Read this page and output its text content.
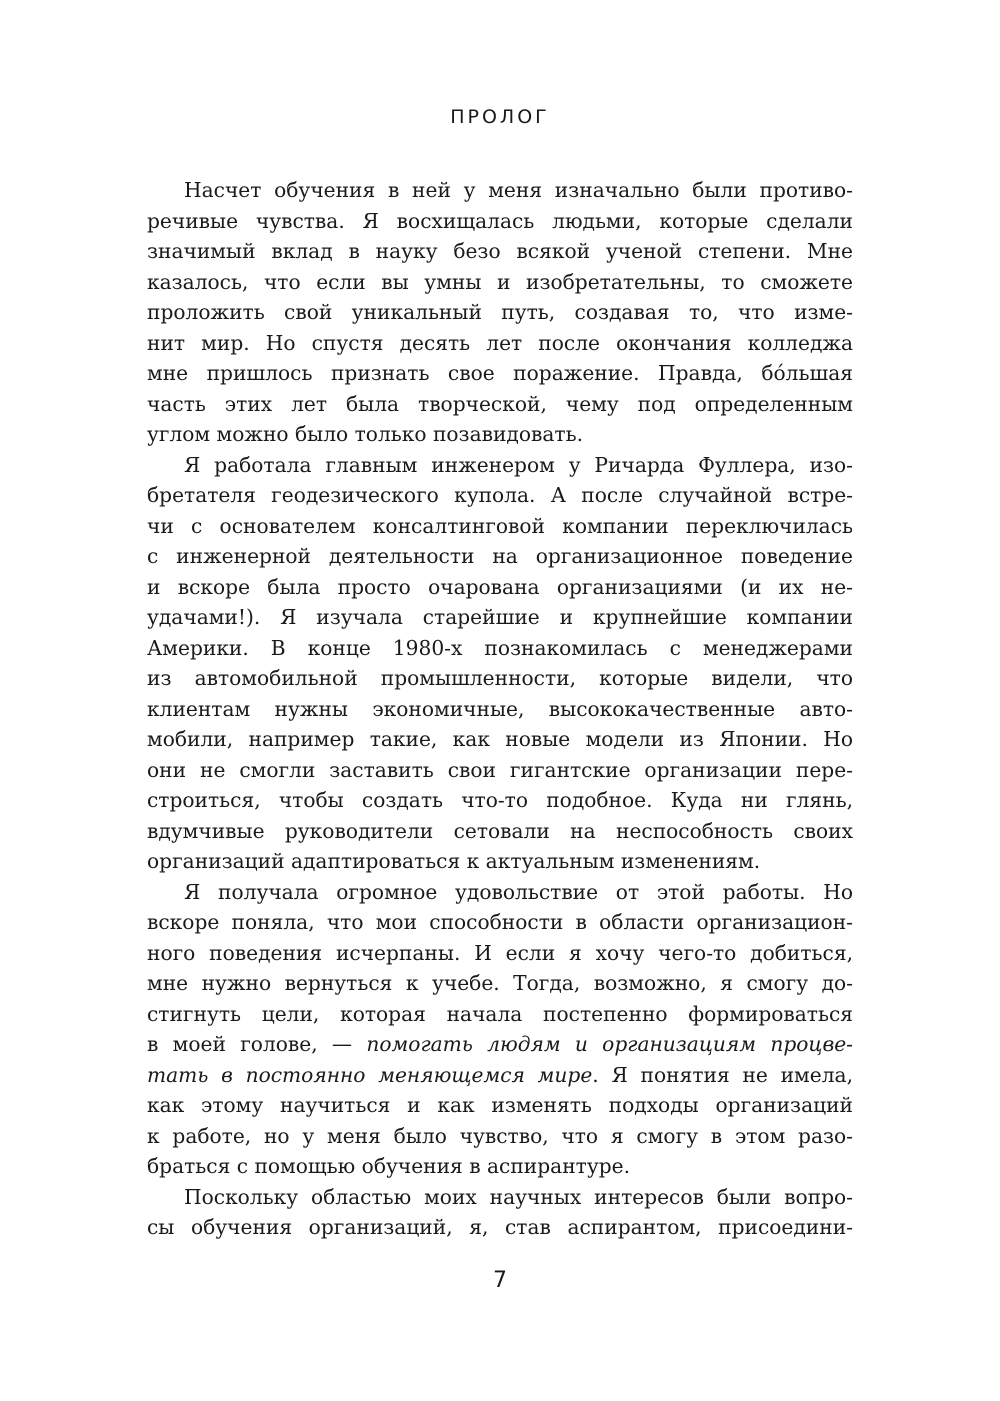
ПРОЛОГ
Насчет обучения в ней у меня изначально были противо-
речивые чувства. Я восхищалась людьми, которые сделали
значимый вклад в науку безо всякой ученой степени. Мне
казалось, что если вы умны и изобретательны, то сможете
проложить свой уникальный путь, создавая то, что изме-
нит мир. Но спустя десять лет после окончания колледжа
мне пришлось признать свое поражение. Правда, бо́льшая
часть этих лет была творческой, чему под определенным
углом можно было только позавидовать.
Я работала главным инженером у Ричарда Фуллера, изо-
бретателя геодезического купола. А после случайной встре-
чи с основателем консалтинговой компании переключилась
с инженерной деятельности на организационное поведение
и вскоре была просто очарована организациями (и их не-
удачами!). Я изучала старейшие и крупнейшие компании
Америки. В конце 1980-х познакомилась с менеджерами
из автомобильной промышленности, которые видели, что
клиентам нужны экономичные, высококачественные авто-
мобили, например такие, как новые модели из Японии. Но
они не смогли заставить свои гигантские организации пере-
строиться, чтобы создать что-то подобное. Куда ни глянь,
вдумчивые руководители сетовали на неспособность своих
организаций адаптироваться к актуальным изменениям.
Я получала огромное удовольствие от этой работы. Но
вскоре поняла, что мои способности в области организацион-
ного поведения исчерпаны. И если я хочу чего-то добиться,
мне нужно вернуться к учебе. Тогда, возможно, я смогу до-
стигнуть цели, которая начала постепенно формироваться
в моей голове, — помогать людям и организациям процве-
тать в постоянно меняющемся мире. Я понятия не имела,
как этому научиться и как изменять подходы организаций
к работе, но у меня было чувство, что я смогу в этом разо-
браться с помощью обучения в аспирантуре.
Поскольку областью моих научных интересов были вопро-
сы обучения организаций, я, став аспирантом, присоедини-
7
